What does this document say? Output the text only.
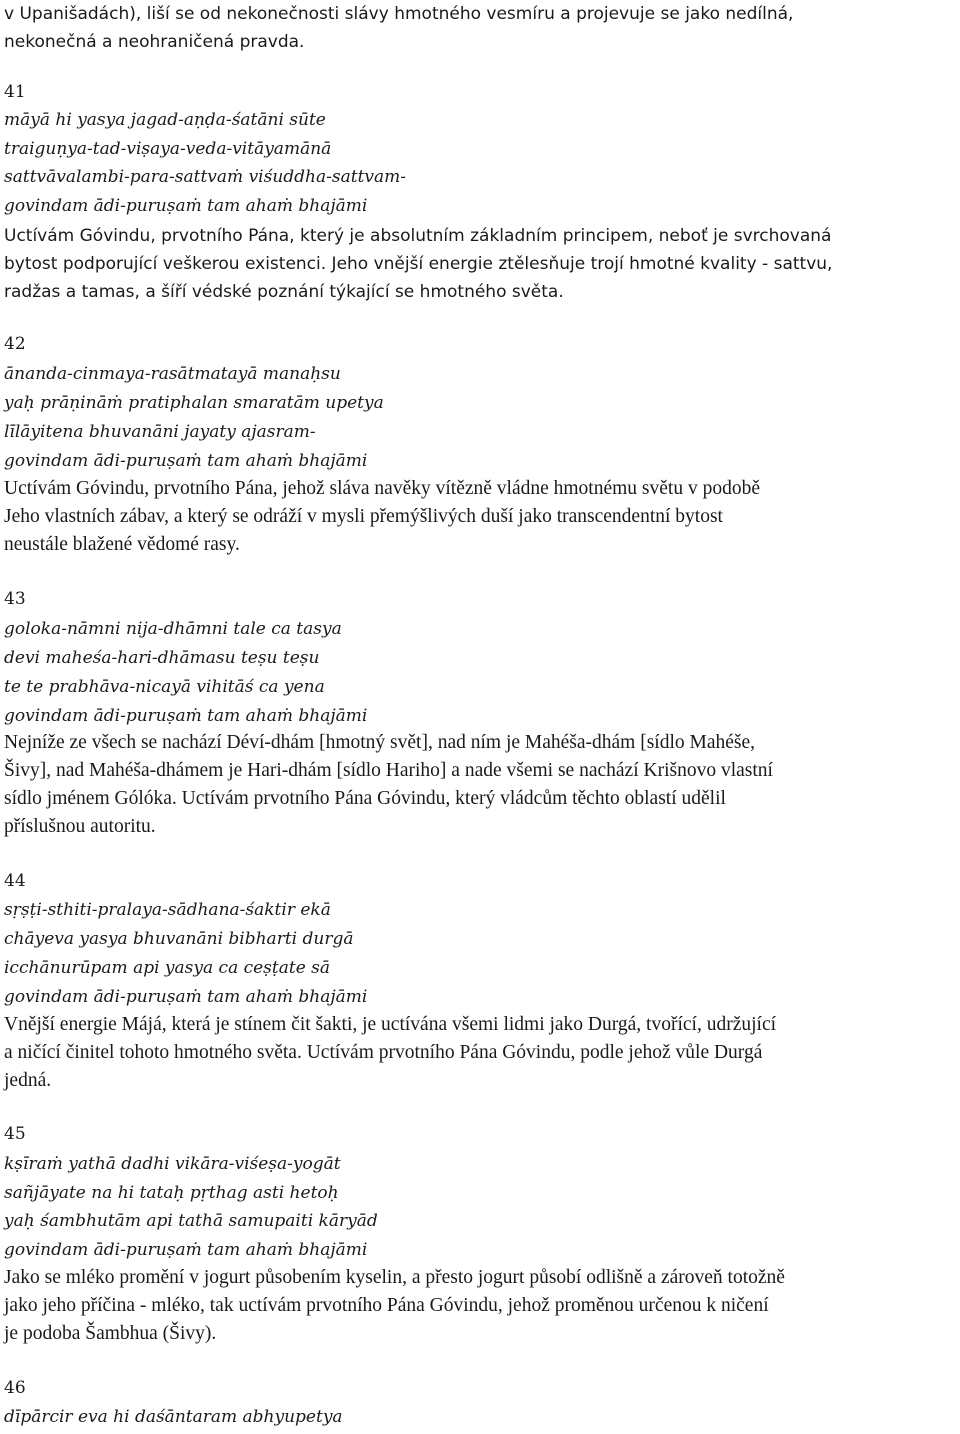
v Upanišadách), liší se od nekonečnosti slávy hmotného vesmíru a projevuje se jako nedílná,
nekonečná a neohraničená pravda.
41
māyā hi yasya jagad-aṇḍa-śatāni sūte
traiguṇya-tad-viṣaya-veda-vitāyamānā
sattvāvalambi-para-sattvaṁ viśuddha-sattvam-
govindam ādi-puruṣaṁ tam ahaṁ bhajāmi
Uctívám Góvindu, prvotního Pána, který je absolutním základním principem, neboť je svrchovaná
bytost podporující veškerou existenci. Jeho vnější energie ztělesňuje trojí hmotné kvality - sattvu,
radžas a tamas, a šíří védské poznání týkající se hmotného světa.
42
ānanda-cinmaya-rasātmatayā manaḥsu
yaḥ prāṇināṁ pratiphalan smaratām upetya
līlāyitena bhuvanāni jayaty ajasram-
govindam ādi-puruṣaṁ tam ahaṁ bhajāmi
Uctívám Góvindu, prvotního Pána, jehož sláva navěky vítězně vládne hmotnému světu v podobě
Jeho vlastních zábav, a který se odráží v mysli přemýšlivých duší jako transcendentní bytost
neustále blažené vědomé rasy.
43
goloka-nāmni nija-dhāmni tale ca tasya
devi maheśa-hari-dhāmasu teṣu teṣu
te te prabhāva-nicayā vihitāś ca yena
govindam ādi-puruṣaṁ tam ahaṁ bhajāmi
Nejníže ze všech se nachází Déví-dhám [hmotný svět], nad ním je Mahéša-dhám [sídlo Mahéše,
Šivy], nad Mahéša-dhámem je Hari-dhám [sídlo Hariho] a nade všemi se nachází Krišnovo vlastní
sídlo jménem Gólóka. Uctívám prvotního Pána Góvindu, který vládcům těchto oblastí udělil
příslušnou autoritu.
44
sṛṣṭi-sthiti-pralaya-sādhana-śaktir ekā
chāyeva yasya bhuvanāni bibharti durgā
icchānurūpam api yasya ca ceṣṭate sā
govindam ādi-puruṣaṁ tam ahaṁ bhajāmi
Vnější energie Májá, která je stínem čit šakti, je uctívána všemi lidmi jako Durgá, tvořící, udržující
a ničící činitel tohoto hmotného světa. Uctívám prvotního Pána Góvindu, podle jehož vůle Durgá
jedná.
45
kṣīraṁ yathā dadhi vikāra-viśeṣa-yogāt
sañjāyate na hi tataḥ pṛthag asti hetoḥ
yaḥ śambhutām api tathā samupaiti kāryād
govindam ādi-puruṣaṁ tam ahaṁ bhajāmi
Jako se mléko promění v jogurt působením kyselin, a přesto jogurt působí odlišně a zároveň totožně
jako jeho příčina - mléko, tak uctívám prvotního Pána Góvindu, jehož proměnou určenou k ničení
je podoba Šambhua (Šivy).
46
dīpārcir eva hi daśāntaram abhyupetya
